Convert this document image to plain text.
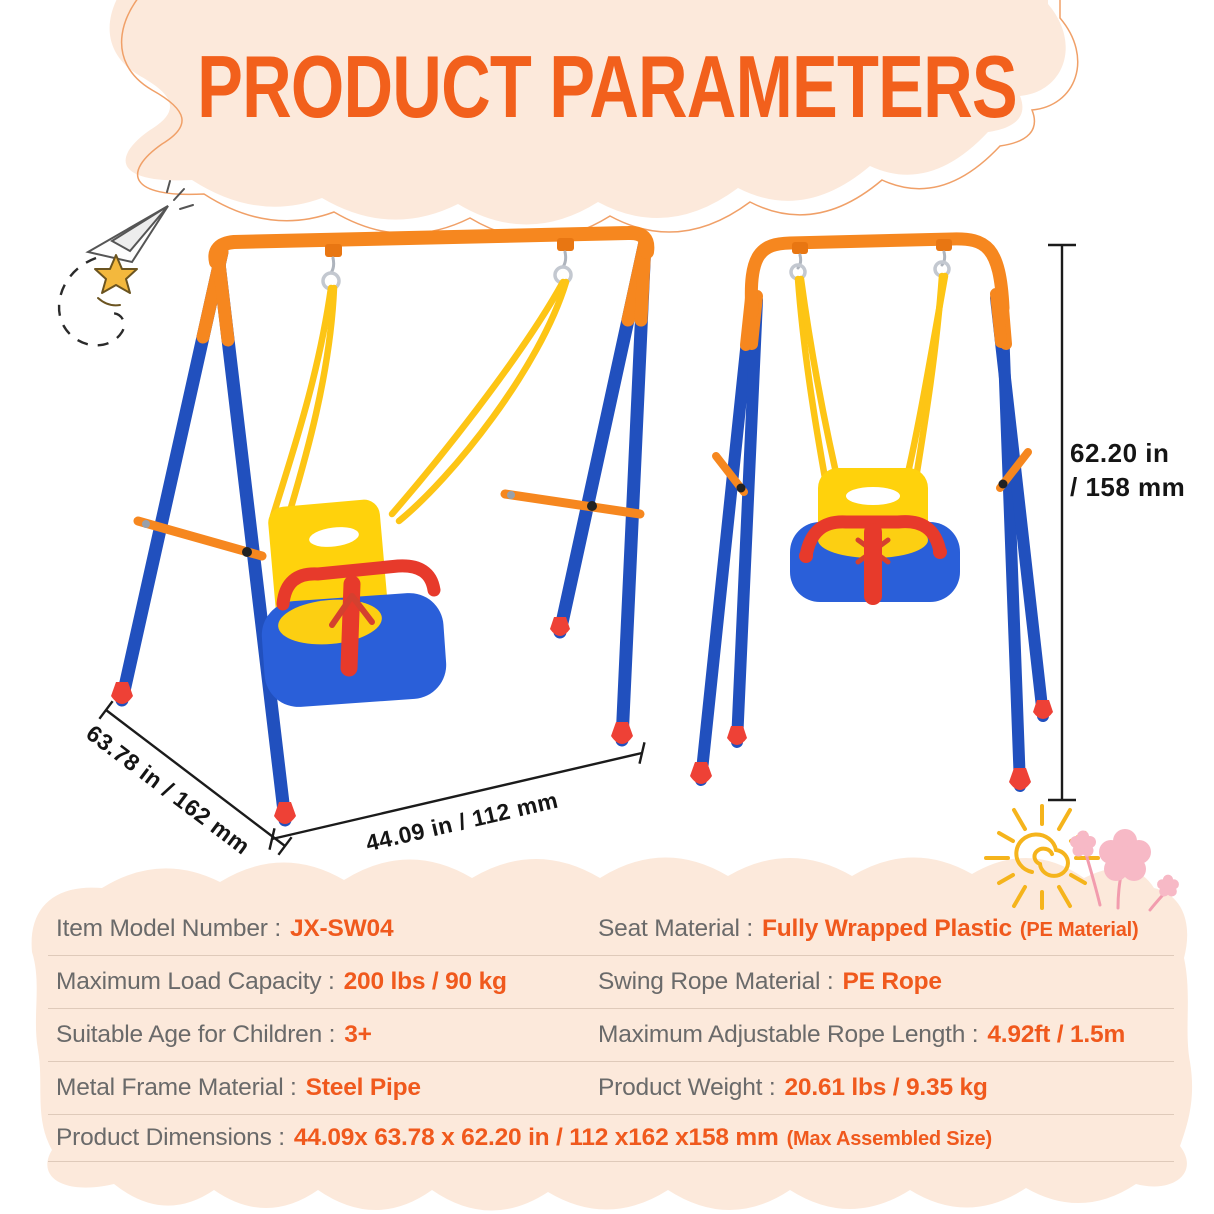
PRODUCT PARAMETERS
63.78 in / 162 mm	44.09 in / 112 mm
62.20 in
/ 158 mm
Item Model Number : JX-SW04	Seat Material : Fully Wrapped Plastic (PE Material)
Maximum Load Capacity : 200 lbs / 90 kg	Swing Rope Material : PE Rope
Suitable Age for Children : 3+	Maximum Adjustable Rope Length : 4.92ft / 1.5m
Metal Frame Material : Steel Pipe	Product Weight : 20.61 lbs / 9.35 kg
Product Dimensions : 44.09x 63.78 x 62.20 in / 112 x162 x158 mm (Max Assembled Size)
